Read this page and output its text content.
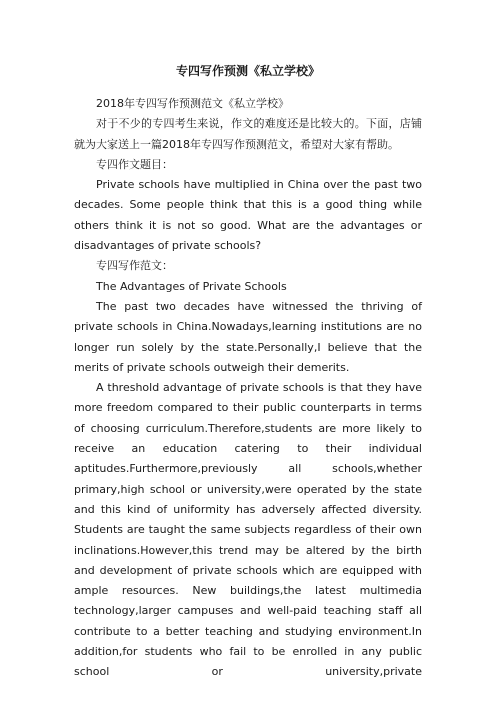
专四写作预测《私立学校》

2018年专四写作预测范文《私立学校》

对于不少的专四考生来说，作文的难度还是比较大的。下面，店铺就为大家送上一篇2018年专四写作预测范文，希望对大家有帮助。

专四作文题目：

Private schools have multiplied in China over the past two decades. Some people think that this is a good thing while others think it is not so good. What are the advantages or disadvantages of private schools?

专四写作范文：

The Advantages of Private Schools

The past two decades have witnessed the thriving of private schools in China.Nowadays,learning institutions are no longer run solely by the state.Personally,I believe that the merits of private schools outweigh their demerits.

A threshold advantage of private schools is that they have more freedom compared to their public counterparts in terms of choosing curriculum.Therefore,students are more likely to receive an education catering to their individual aptitudes.Furthermore,previously all schools,whether primary,high school or university,were operated by the state and this kind of uniformity has adversely affected diversity. Students are taught the same subjects regardless of their own inclinations.However,this trend may be altered by the birth and development of private schools which are equipped with ample resources. New buildings,the latest multimedia technology,larger campuses and well-paid teaching staff all contribute to a better teaching and studying environment.In addition,for students who fail to be enrolled in any public school or university,private
